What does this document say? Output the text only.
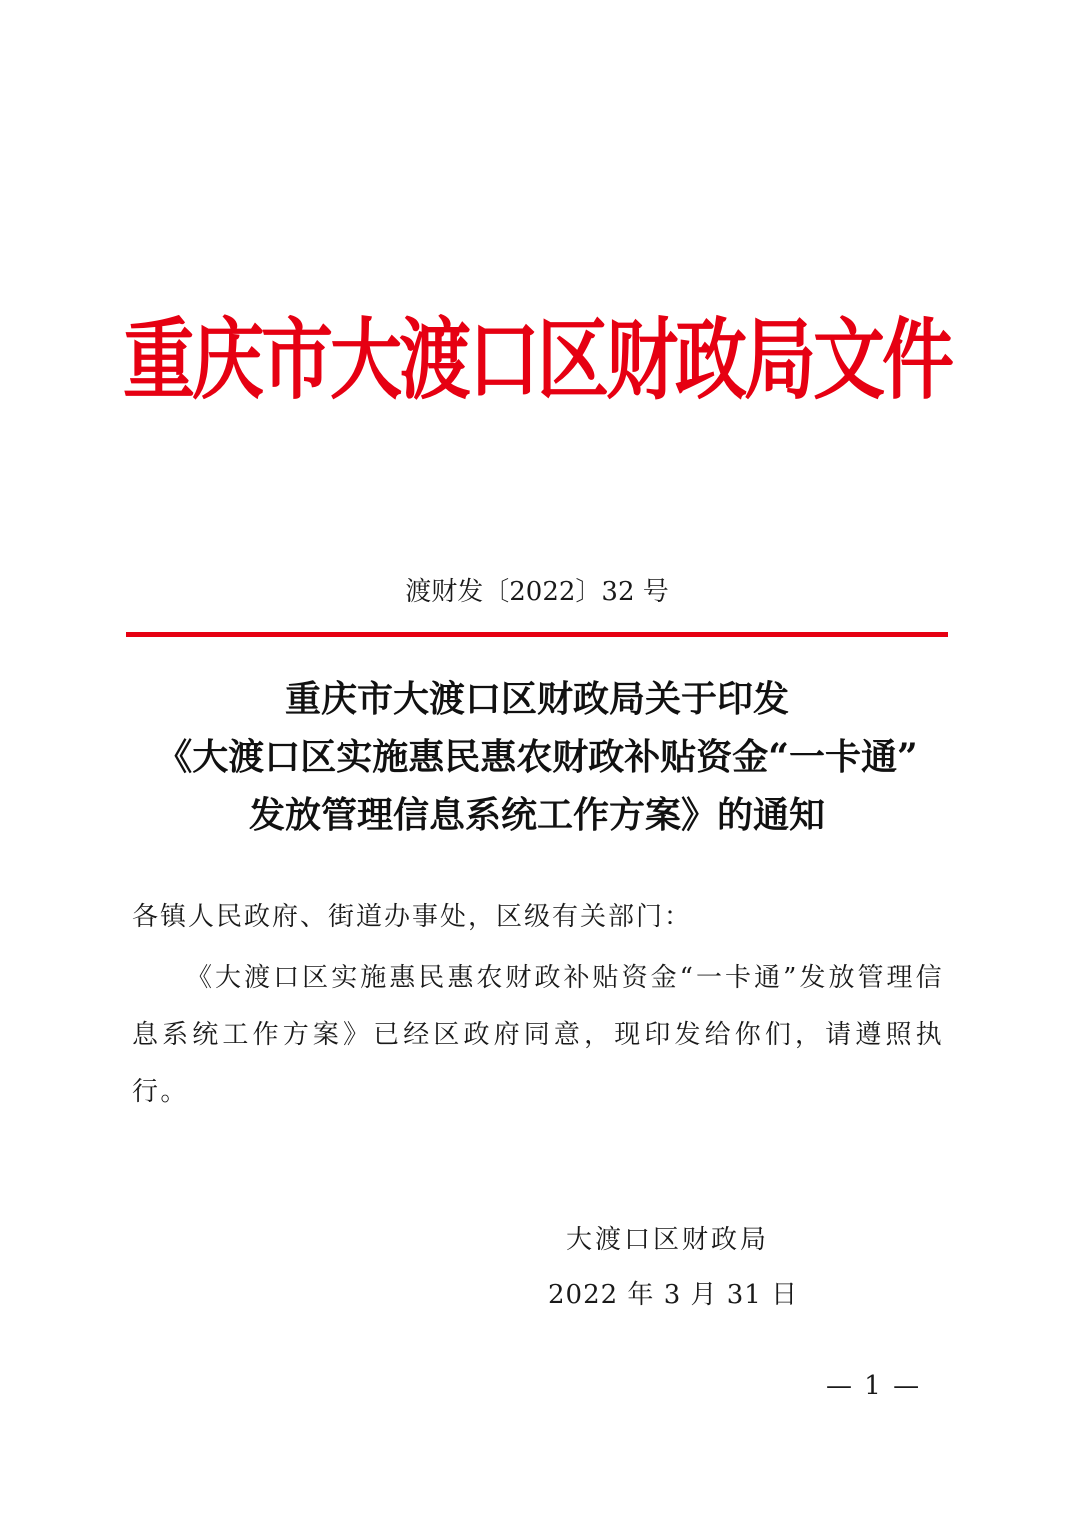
重庆市大渡口区财政局文件
渡财发〔2022〕32 号
重庆市大渡口区财政局关于印发
《大渡口区实施惠民惠农财政补贴资金“一卡通”
发放管理信息系统工作方案》的通知
各镇人民政府、街道办事处，区级有关部门：
《大渡口区实施惠民惠农财政补贴资金“一卡通”发放管理信息系统工作方案》已经区政府同意，现印发给你们，请遵照执行。
大渡口区财政局
2022 年 3 月 31 日
— 1 —
